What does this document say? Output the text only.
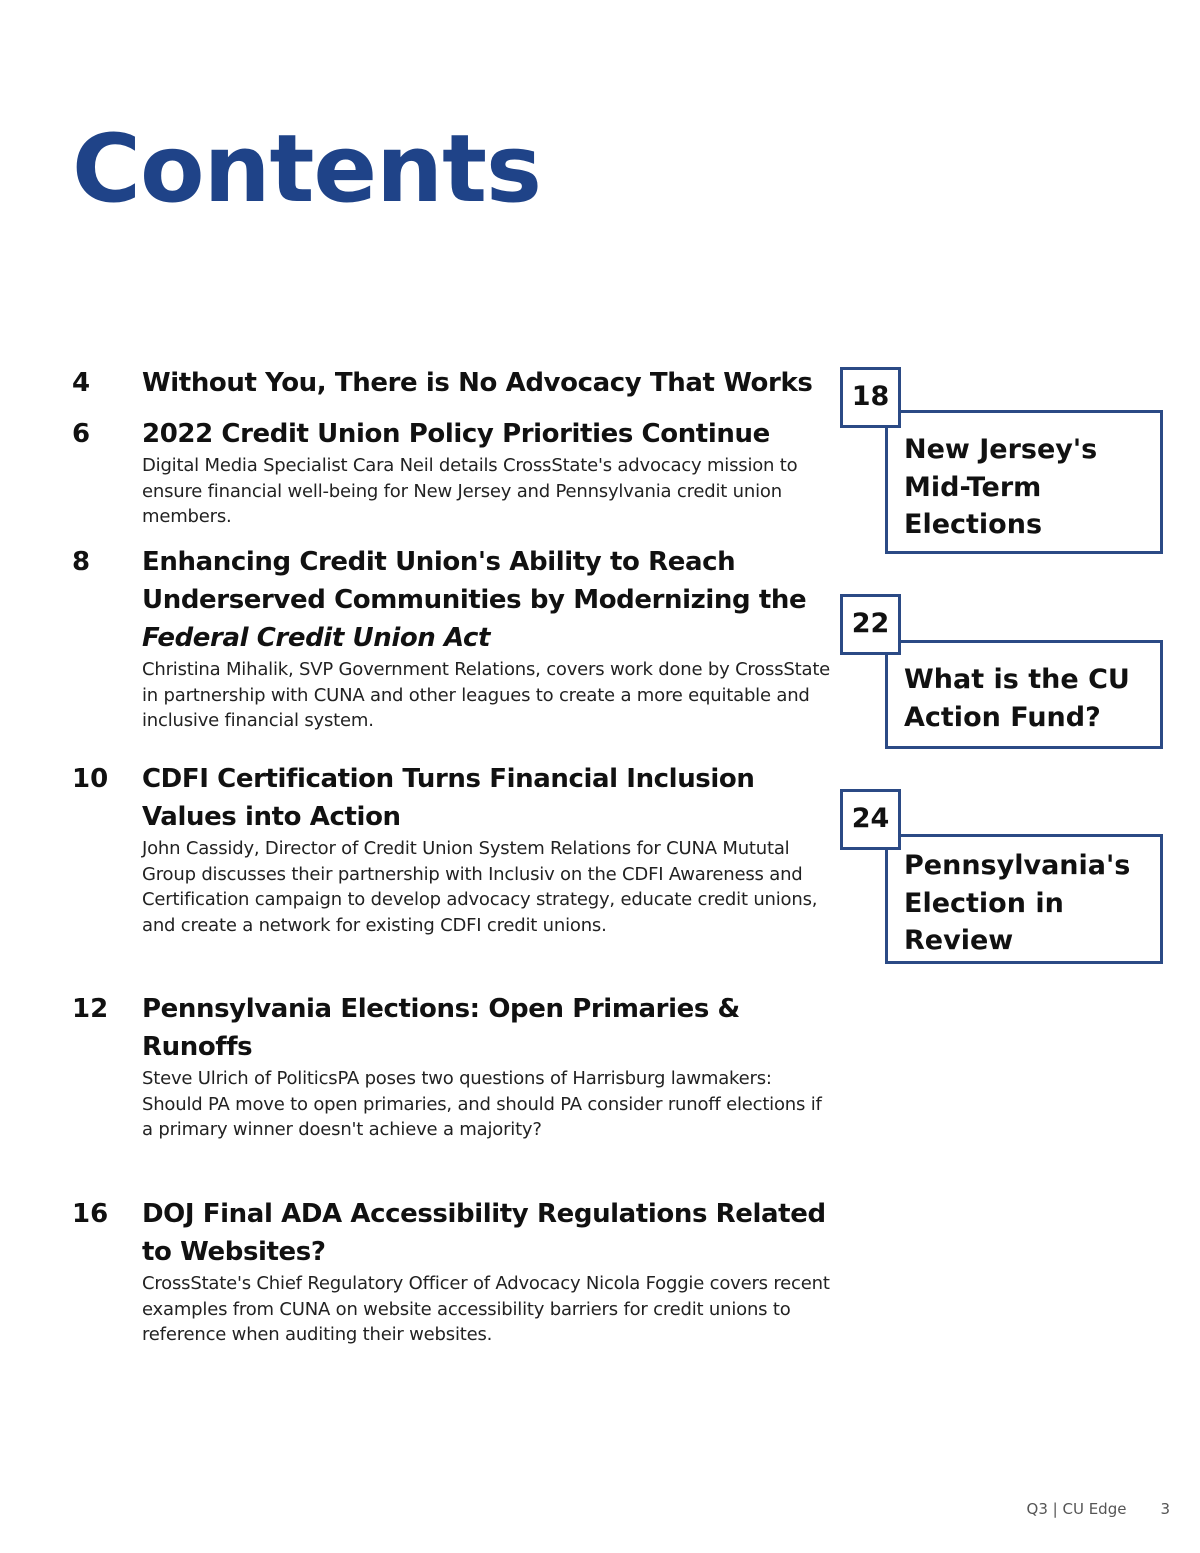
Contents
4 Without You, There is No Advocacy That Works
6 2022 Credit Union Policy Priorities Continue
Digital Media Specialist Cara Neil details CrossState's advocacy mission to ensure financial well-being for New Jersey and Pennsylvania credit union members.
8 Enhancing Credit Union's Ability to Reach Underserved Communities by Modernizing the Federal Credit Union Act
Christina Mihalik, SVP Government Relations, covers work done by CrossState in partnership with CUNA and other leagues to create a more equitable and inclusive financial system.
10 CDFI Certification Turns Financial Inclusion Values into Action
John Cassidy, Director of Credit Union System Relations for CUNA Mututal Group discusses their partnership with Inclusiv on the CDFI Awareness and Certification campaign to develop advocacy strategy, educate credit unions, and create a network for existing CDFI credit unions.
12 Pennsylvania Elections: Open Primaries & Runoffs
Steve Ulrich of PoliticsPA poses two questions of Harrisburg lawmakers: Should PA move to open primaries, and should PA consider runoff elections if a primary winner doesn't achieve a majority?
16 DOJ Final ADA Accessibility Regulations Related to Websites?
CrossState's Chief Regulatory Officer of Advocacy Nicola Foggie covers recent examples from CUNA on website accessibility barriers for credit unions to reference when auditing their websites.
New Jersey's Mid-Term Elections
18
What is the CU Action Fund?
22
Pennsylvania's Election in Review
24
Q3 | CU Edge 3
